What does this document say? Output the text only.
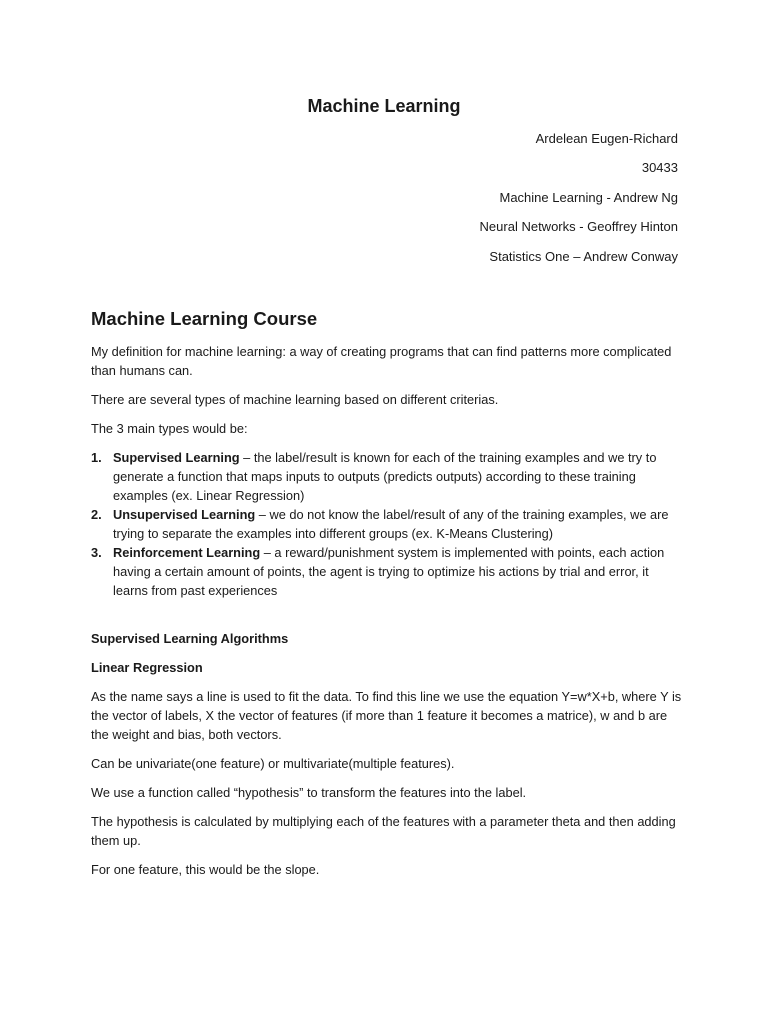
Machine Learning
Ardelean Eugen-Richard
30433
Machine Learning - Andrew Ng
Neural Networks - Geoffrey Hinton
Statistics One – Andrew Conway
Machine Learning Course

My definition for machine learning: a way of creating programs that can find patterns more complicated than humans can.

There are several types of machine learning based on different criterias.

The 3 main types would be:

1. Supervised Learning – the label/result is known for each of the training examples and we try to generate a function that maps inputs to outputs (predicts outputs) according to these training examples (ex. Linear Regression)
2. Unsupervised Learning – we do not know the label/result of any of the training examples, we are trying to separate the examples into different groups (ex. K-Means Clustering)
3. Reinforcement Learning – a reward/punishment system is implemented with points, each action having a certain amount of points, the agent is trying to optimize his actions by trial and error, it learns from past experiences

Supervised Learning Algorithms

Linear Regression

As the name says a line is used to fit the data. To find this line we use the equation Y=w*X+b, where Y is the vector of labels, X the vector of features (if more than 1 feature it becomes a matrice), w and b are the weight and bias, both vectors.

Can be univariate(one feature) or multivariate(multiple features).

We use a function called “hypothesis” to transform the features into the label.

The hypothesis is calculated by multiplying each of the features with a parameter theta and then adding them up.

For one feature, this would be the slope.
